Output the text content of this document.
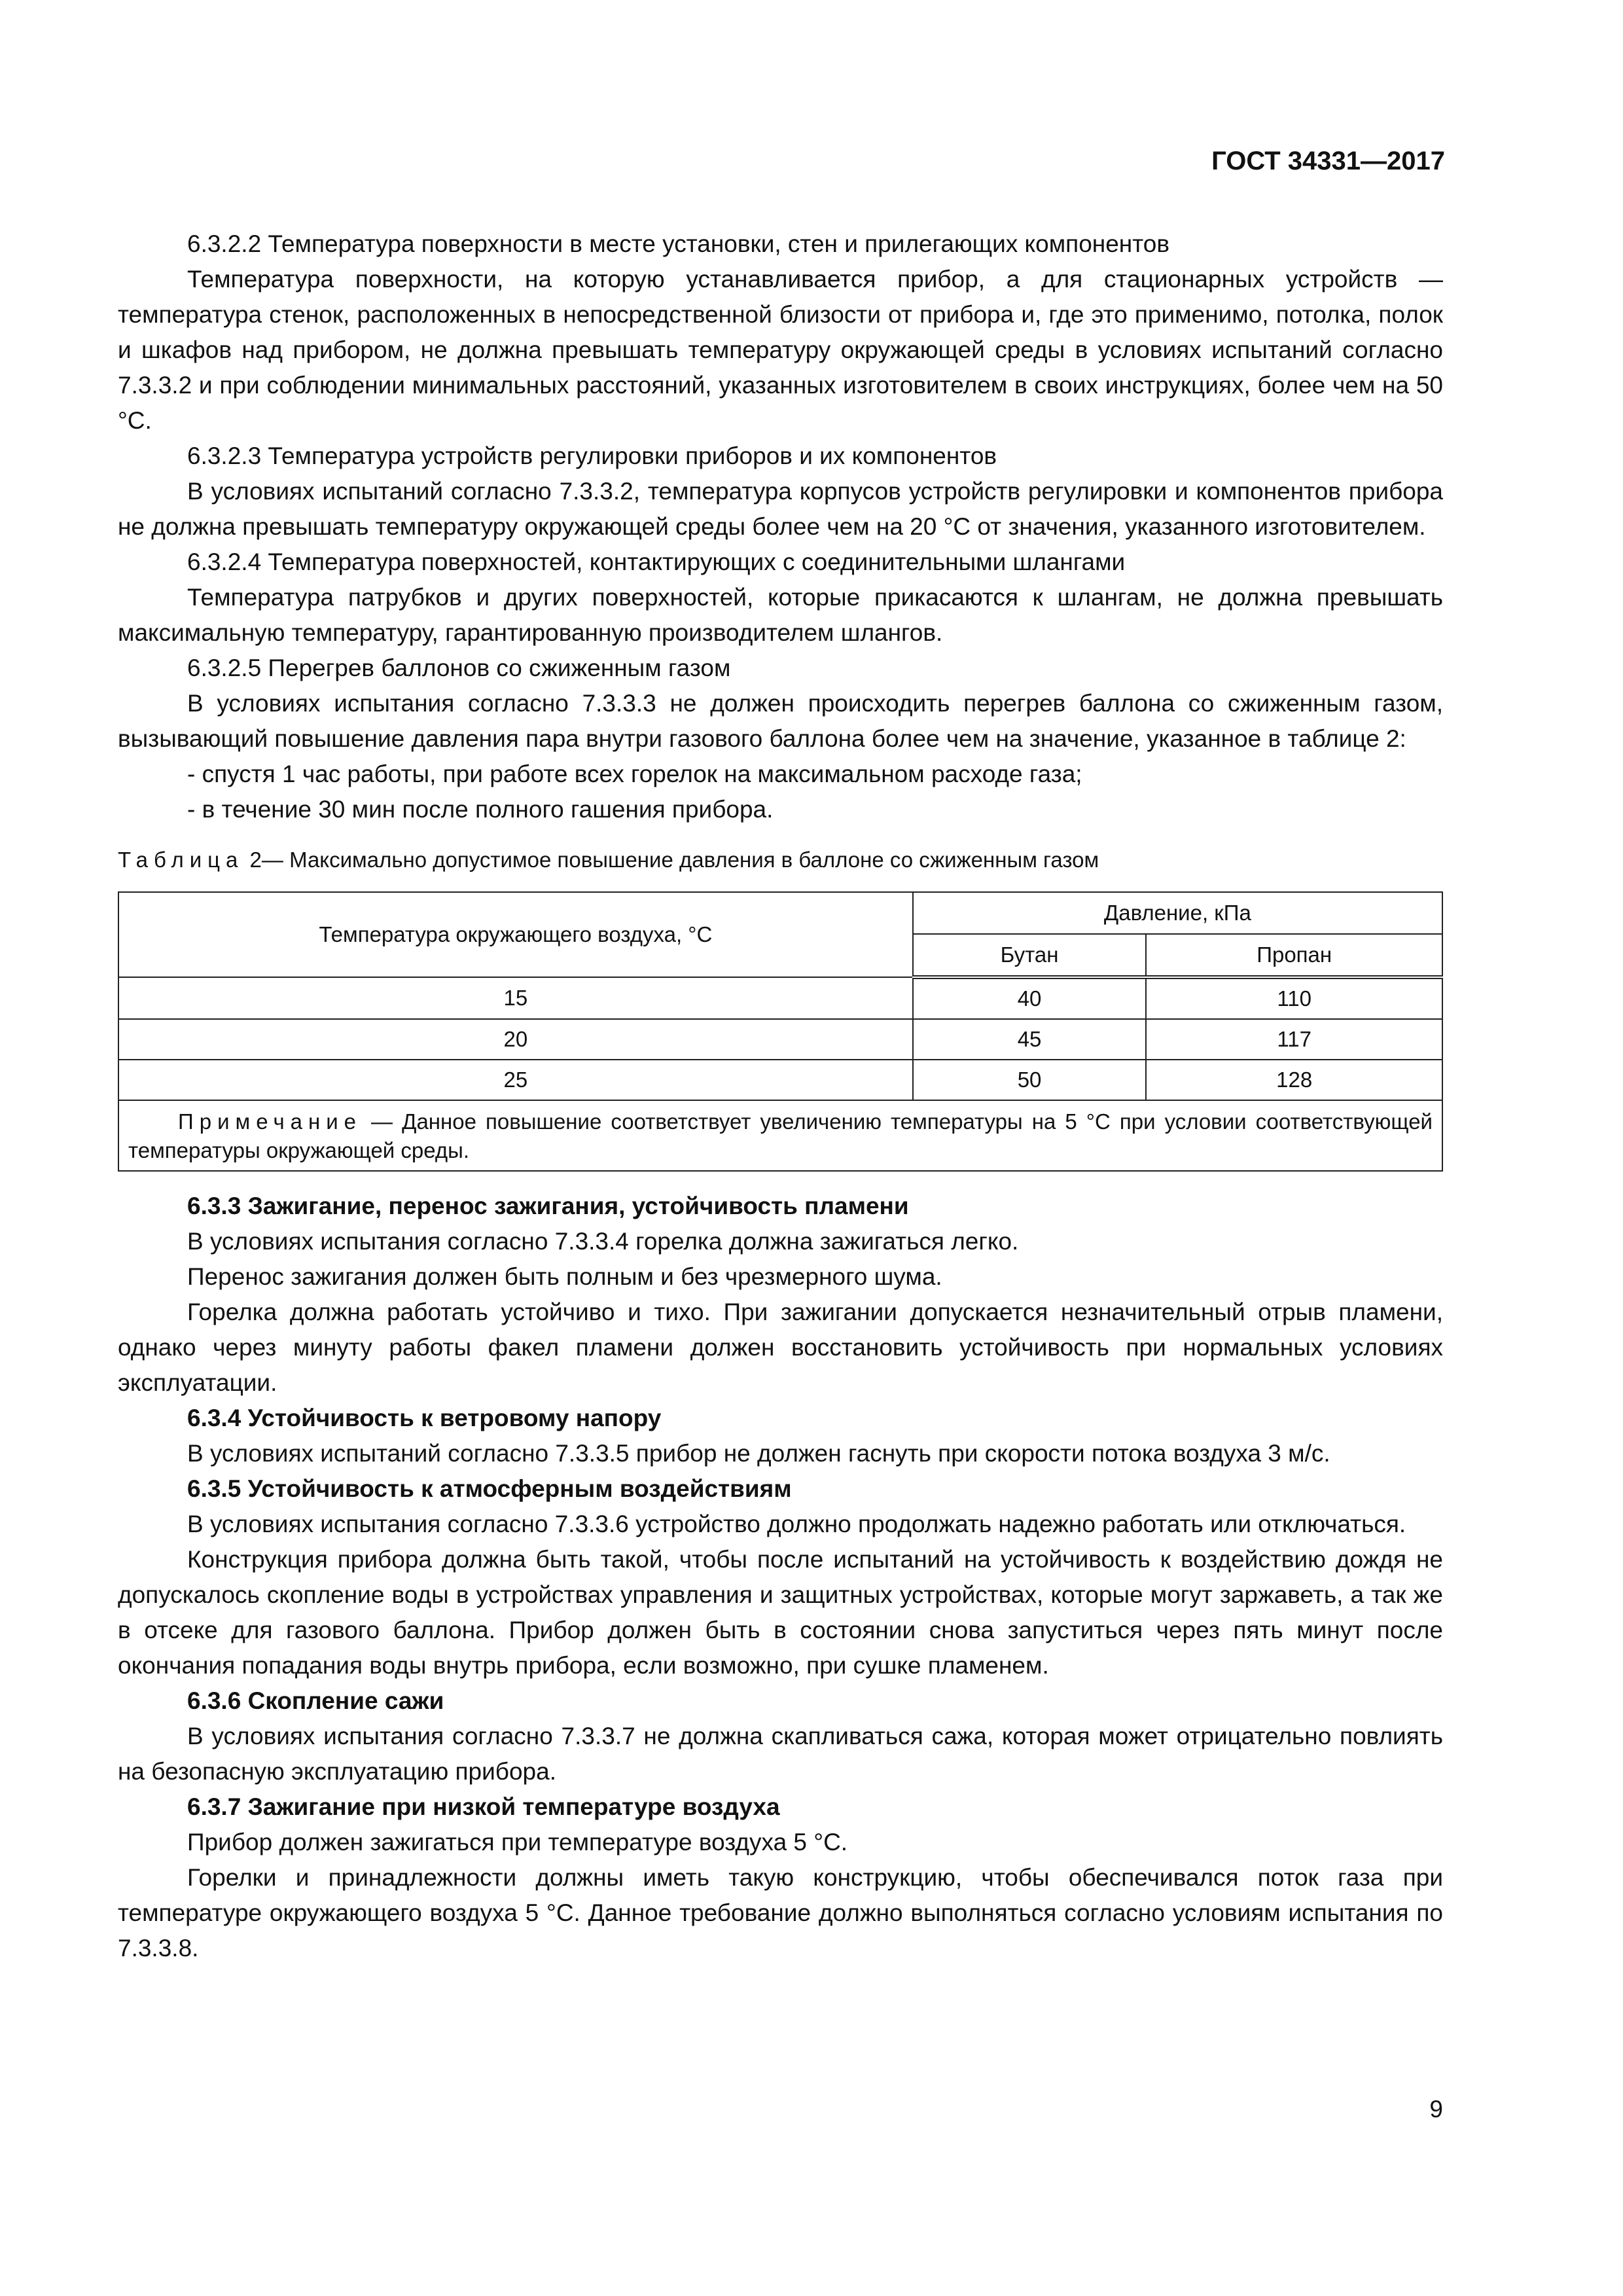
ГОСТ 34331—2017

6.3.2.2 Температура поверхности в месте установки, стен и прилегающих компонентов

Температура поверхности, на которую устанавливается прибор, а для стационарных устройств — температура стенок, расположенных в непосредственной близости от прибора и, где это применимо, потолка, полок и шкафов над прибором, не должна превышать температуру окружающей среды в условиях испытаний согласно 7.3.3.2 и при соблюдении минимальных расстояний, указанных изготовителем в своих инструкциях, более чем на 50 °C.

6.3.2.3 Температура устройств регулировки приборов и их компонентов

В условиях испытаний согласно 7.3.3.2, температура корпусов устройств регулировки и компонентов прибора не должна превышать температуру окружающей среды более чем на 20 °C от значения, указанного изготовителем.

6.3.2.4 Температура поверхностей, контактирующих с соединительными шлангами

Температура патрубков и других поверхностей, которые прикасаются к шлангам, не должна превышать максимальную температуру, гарантированную производителем шлангов.

6.3.2.5 Перегрев баллонов со сжиженным газом

В условиях испытания согласно 7.3.3.3 не должен происходить перегрев баллона со сжиженным газом, вызывающий повышение давления пара внутри газового баллона более чем на значение, указанное в таблице 2:

- спустя 1 час работы, при работе всех горелок на максимальном расходе газа;

- в течение 30 мин после полного гашения прибора.

Таблица 2— Максимально допустимое повышение давления в баллоне со сжиженным газом

Температура окружающего воздуха, °C	Давление, кПа	
	Бутан	Пропан
15	40	110
20	45	117
25	50	128
Примечание — Данное повышение соответствует увеличению температуры на 5 °C при условии соответствующей температуры окружающей среды.		

6.3.3 Зажигание, перенос зажигания, устойчивость пламени

В условиях испытания согласно 7.3.3.4 горелка должна зажигаться легко.

Перенос зажигания должен быть полным и без чрезмерного шума.

Горелка должна работать устойчиво и тихо. При зажигании допускается незначительный отрыв пламени, однако через минуту работы факел пламени должен восстановить устойчивость при нормальных условиях эксплуатации.

6.3.4 Устойчивость к ветровому напору

В условиях испытаний согласно 7.3.3.5 прибор не должен гаснуть при скорости потока воздуха 3 м/с.

6.3.5 Устойчивость к атмосферным воздействиям

В условиях испытания согласно 7.3.3.6 устройство должно продолжать надежно работать или отключаться.

Конструкция прибора должна быть такой, чтобы после испытаний на устойчивость к воздействию дождя не допускалось скопление воды в устройствах управления и защитных устройствах, которые могут заржаветь, а так же в отсеке для газового баллона. Прибор должен быть в состоянии снова запуститься через пять минут после окончания попадания воды внутрь прибора, если возможно, при сушке пламенем.

6.3.6 Скопление сажи

В условиях испытания согласно 7.3.3.7 не должна скапливаться сажа, которая может отрицательно повлиять на безопасную эксплуатацию прибора.

6.3.7 Зажигание при низкой температуре воздуха

Прибор должен зажигаться при температуре воздуха 5 °C.

Горелки и принадлежности должны иметь такую конструкцию, чтобы обеспечивался поток газа при температуре окружающего воздуха 5 °C. Данное требование должно выполняться согласно условиям испытания по 7.3.3.8.

9
